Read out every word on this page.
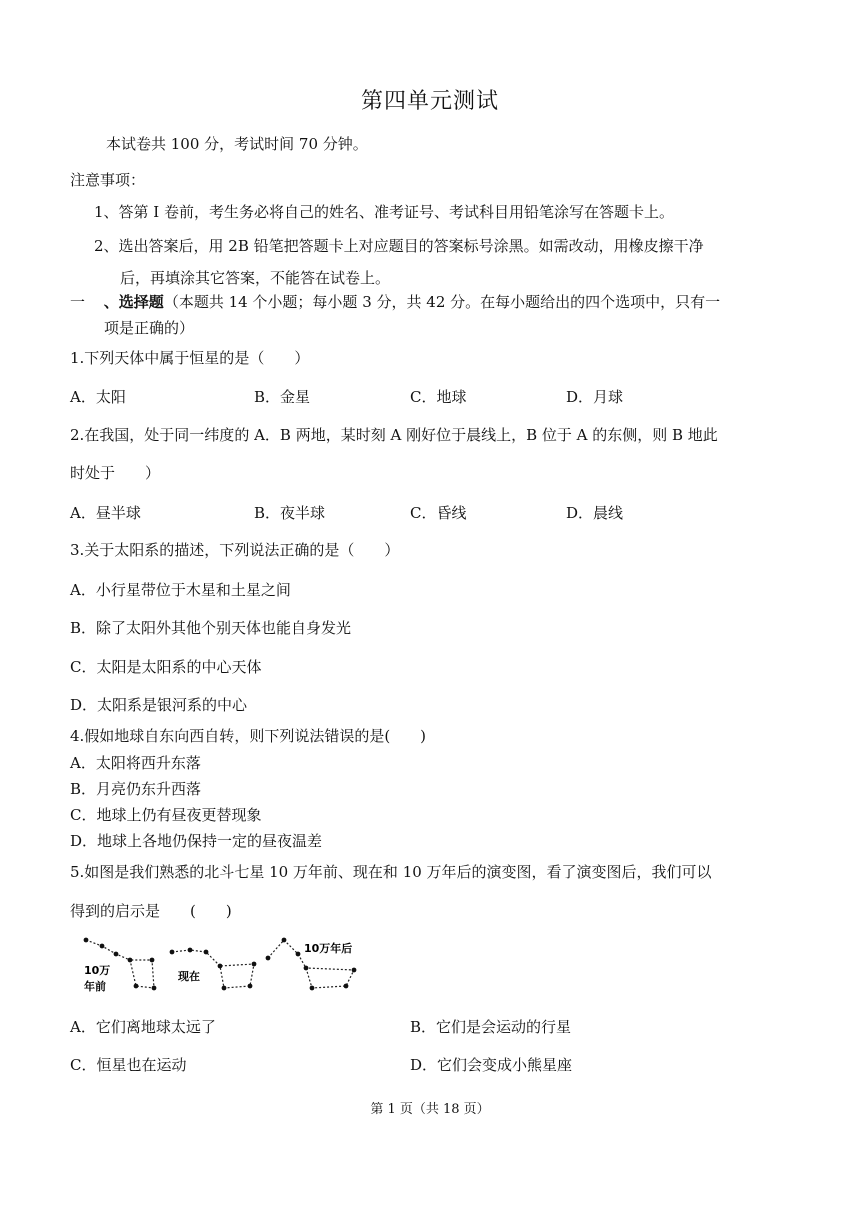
第四单元测试
本试卷共 100 分，考试时间 70 分钟。
注意事项：
1、答第 I 卷前，考生务必将自己的姓名、准考证号、考试科目用铅笔涂写在答题卡上。
2、选出答案后，用 2B 铅笔把答题卡上对应题目的答案标号涂黑。如需改动，用橡皮擦干净
后，再填涂其它答案，不能答在试卷上。
一 、选择题（本题共 14 个小题；每小题 3 分，共 42 分。在每小题给出的四个选项中，只有一
项是正确的）
1.下列天体中属于恒星的是（　　）
A．太阳	B．金星	C．地球	D．月球
2.在我国，处于同一纬度的 A．B 两地，某时刻 A 刚好位于晨线上，B 位于 A 的东侧，则 B 地此
时处于　　）
A．昼半球	B．夜半球	C．昏线	D．晨线
3.关于太阳系的描述，下列说法正确的是（　　）
A．小行星带位于木星和土星之间
B．除了太阳外其他个别天体也能自身发光
C．太阳是太阳系的中心天体
D．太阳系是银河系的中心
4.假如地球自东向西自转，则下列说法错误的是(　　)
A．太阳将西升东落
B．月亮仍东升西落
C．地球上仍有昼夜更替现象
D．地球上各地仍保持一定的昼夜温差
5.如图是我们熟悉的北斗七星 10 万年前、现在和 10 万年后的演变图，看了演变图后，我们可以
得到的启示是　　(　　)
10万
年前
现在
10万年后
A．它们离地球太远了	B．它们是会运动的行星
C．恒星也在运动	D．它们会变成小熊星座
第 1 页（共 18 页）
